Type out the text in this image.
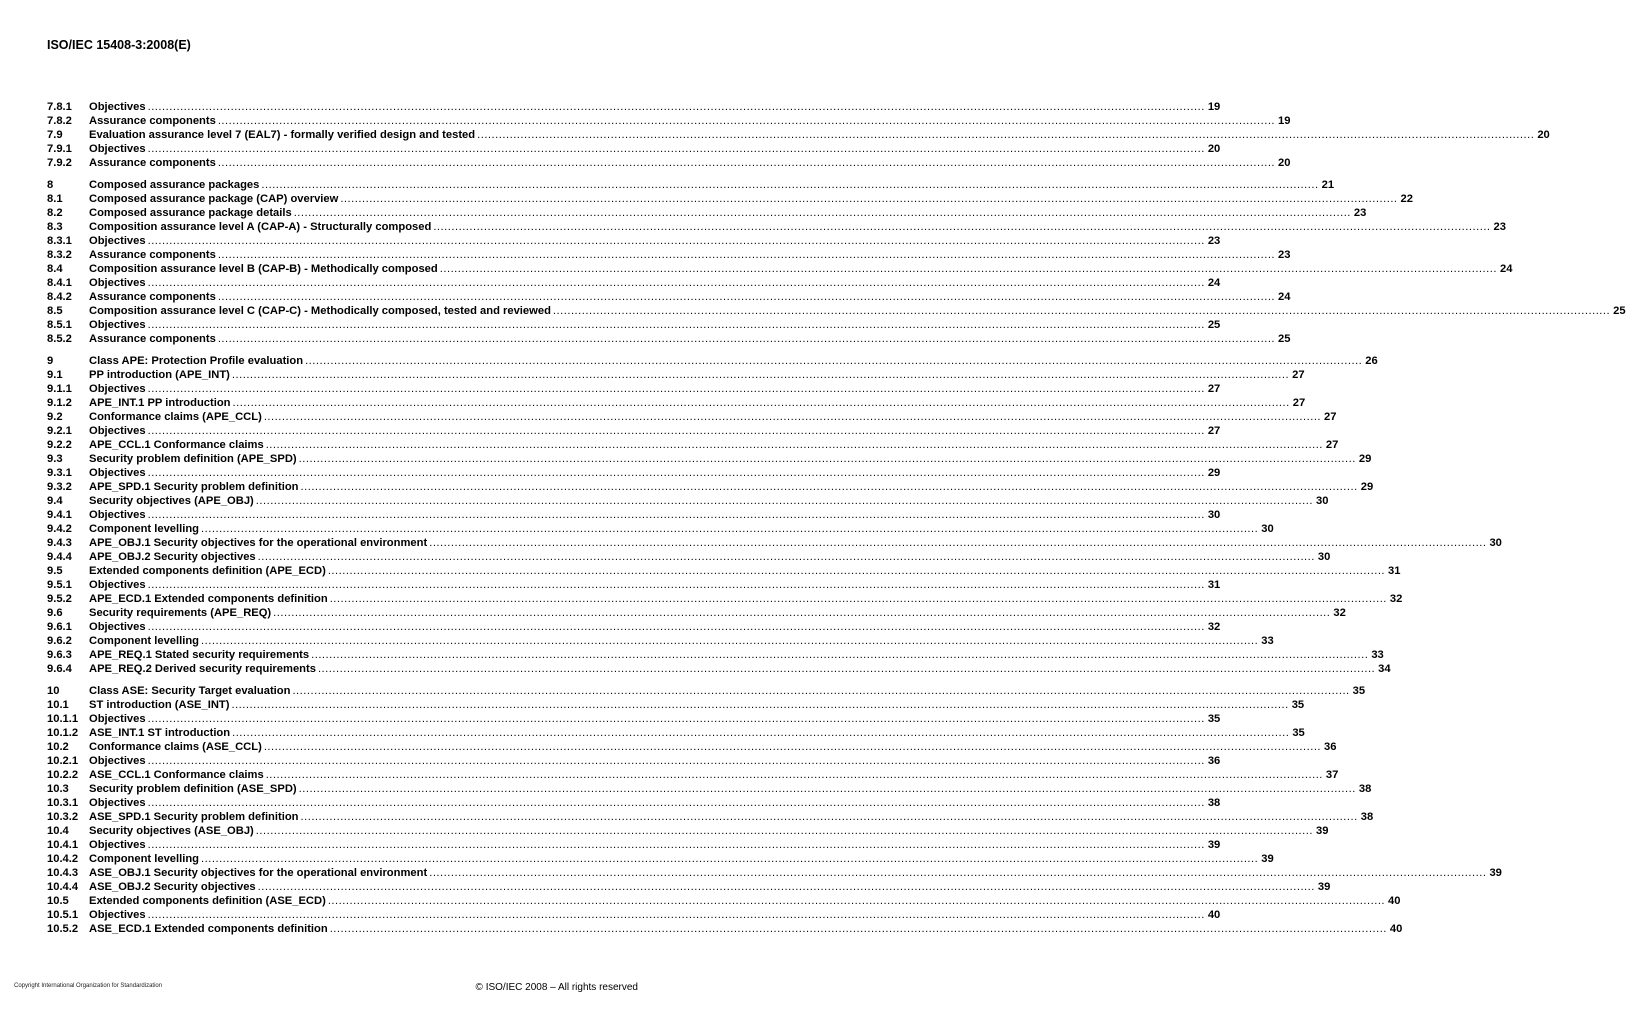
ISO/IEC 15408-3:2008(E)
7.8.1	Objectives .....	19
7.8.2	Assurance components .....	19
7.9	Evaluation assurance level 7 (EAL7) - formally verified design and tested .....	20
7.9.1	Objectives .....	20
7.9.2	Assurance components .....	20
8	Composed assurance packages .....	21
8.1	Composed assurance package (CAP) overview .....	22
8.2	Composed assurance package details .....	23
8.3	Composition assurance level A (CAP-A) - Structurally composed .....	23
8.3.1	Objectives .....	23
8.3.2	Assurance components .....	23
8.4	Composition assurance level B (CAP-B) - Methodically composed .....	24
8.4.1	Objectives .....	24
8.4.2	Assurance components .....	24
8.5	Composition assurance level C (CAP-C) - Methodically composed, tested and reviewed .....	25
8.5.1	Objectives .....	25
8.5.2	Assurance components .....	25
9	Class APE: Protection Profile evaluation .....	26
9.1	PP introduction (APE_INT) .....	27
9.1.1	Objectives .....	27
9.1.2	APE_INT.1 PP introduction .....	27
9.2	Conformance claims (APE_CCL) .....	27
9.2.1	Objectives .....	27
9.2.2	APE_CCL.1 Conformance claims .....	27
9.3	Security problem definition (APE_SPD) .....	29
9.3.1	Objectives .....	29
9.3.2	APE_SPD.1 Security problem definition .....	29
9.4	Security objectives (APE_OBJ) .....	30
9.4.1	Objectives .....	30
9.4.2	Component levelling .....	30
9.4.3	APE_OBJ.1 Security objectives for the operational environment .....	30
9.4.4	APE_OBJ.2 Security objectives .....	30
9.5	Extended components definition (APE_ECD) .....	31
9.5.1	Objectives .....	31
9.5.2	APE_ECD.1 Extended components definition .....	32
9.6	Security requirements (APE_REQ) .....	32
9.6.1	Objectives .....	32
9.6.2	Component levelling .....	33
9.6.3	APE_REQ.1 Stated security requirements .....	33
9.6.4	APE_REQ.2 Derived security requirements .....	34
10	Class ASE: Security Target evaluation .....	35
10.1	ST introduction (ASE_INT) .....	35
10.1.1 Objectives .....	35
10.1.2 ASE_INT.1 ST introduction .....	35
10.2	Conformance claims (ASE_CCL) .....	36
10.2.1 Objectives .....	36
10.2.2 ASE_CCL.1 Conformance claims .....	37
10.3	Security problem definition (ASE_SPD) .....	38
10.3.1 Objectives .....	38
10.3.2 ASE_SPD.1 Security problem definition .....	38
10.4	Security objectives (ASE_OBJ) .....	39
10.4.1 Objectives .....	39
10.4.2 Component levelling .....	39
10.4.3 ASE_OBJ.1 Security objectives for the operational environment .....	39
10.4.4 ASE_OBJ.2 Security objectives .....	39
10.5	Extended components definition (ASE_ECD) .....	40
10.5.1 Objectives .....	40
10.5.2 ASE_ECD.1 Extended components definition .....	40
Copyright International Organization for Standardization	© ISO/IEC 2008 – All rights reserved
